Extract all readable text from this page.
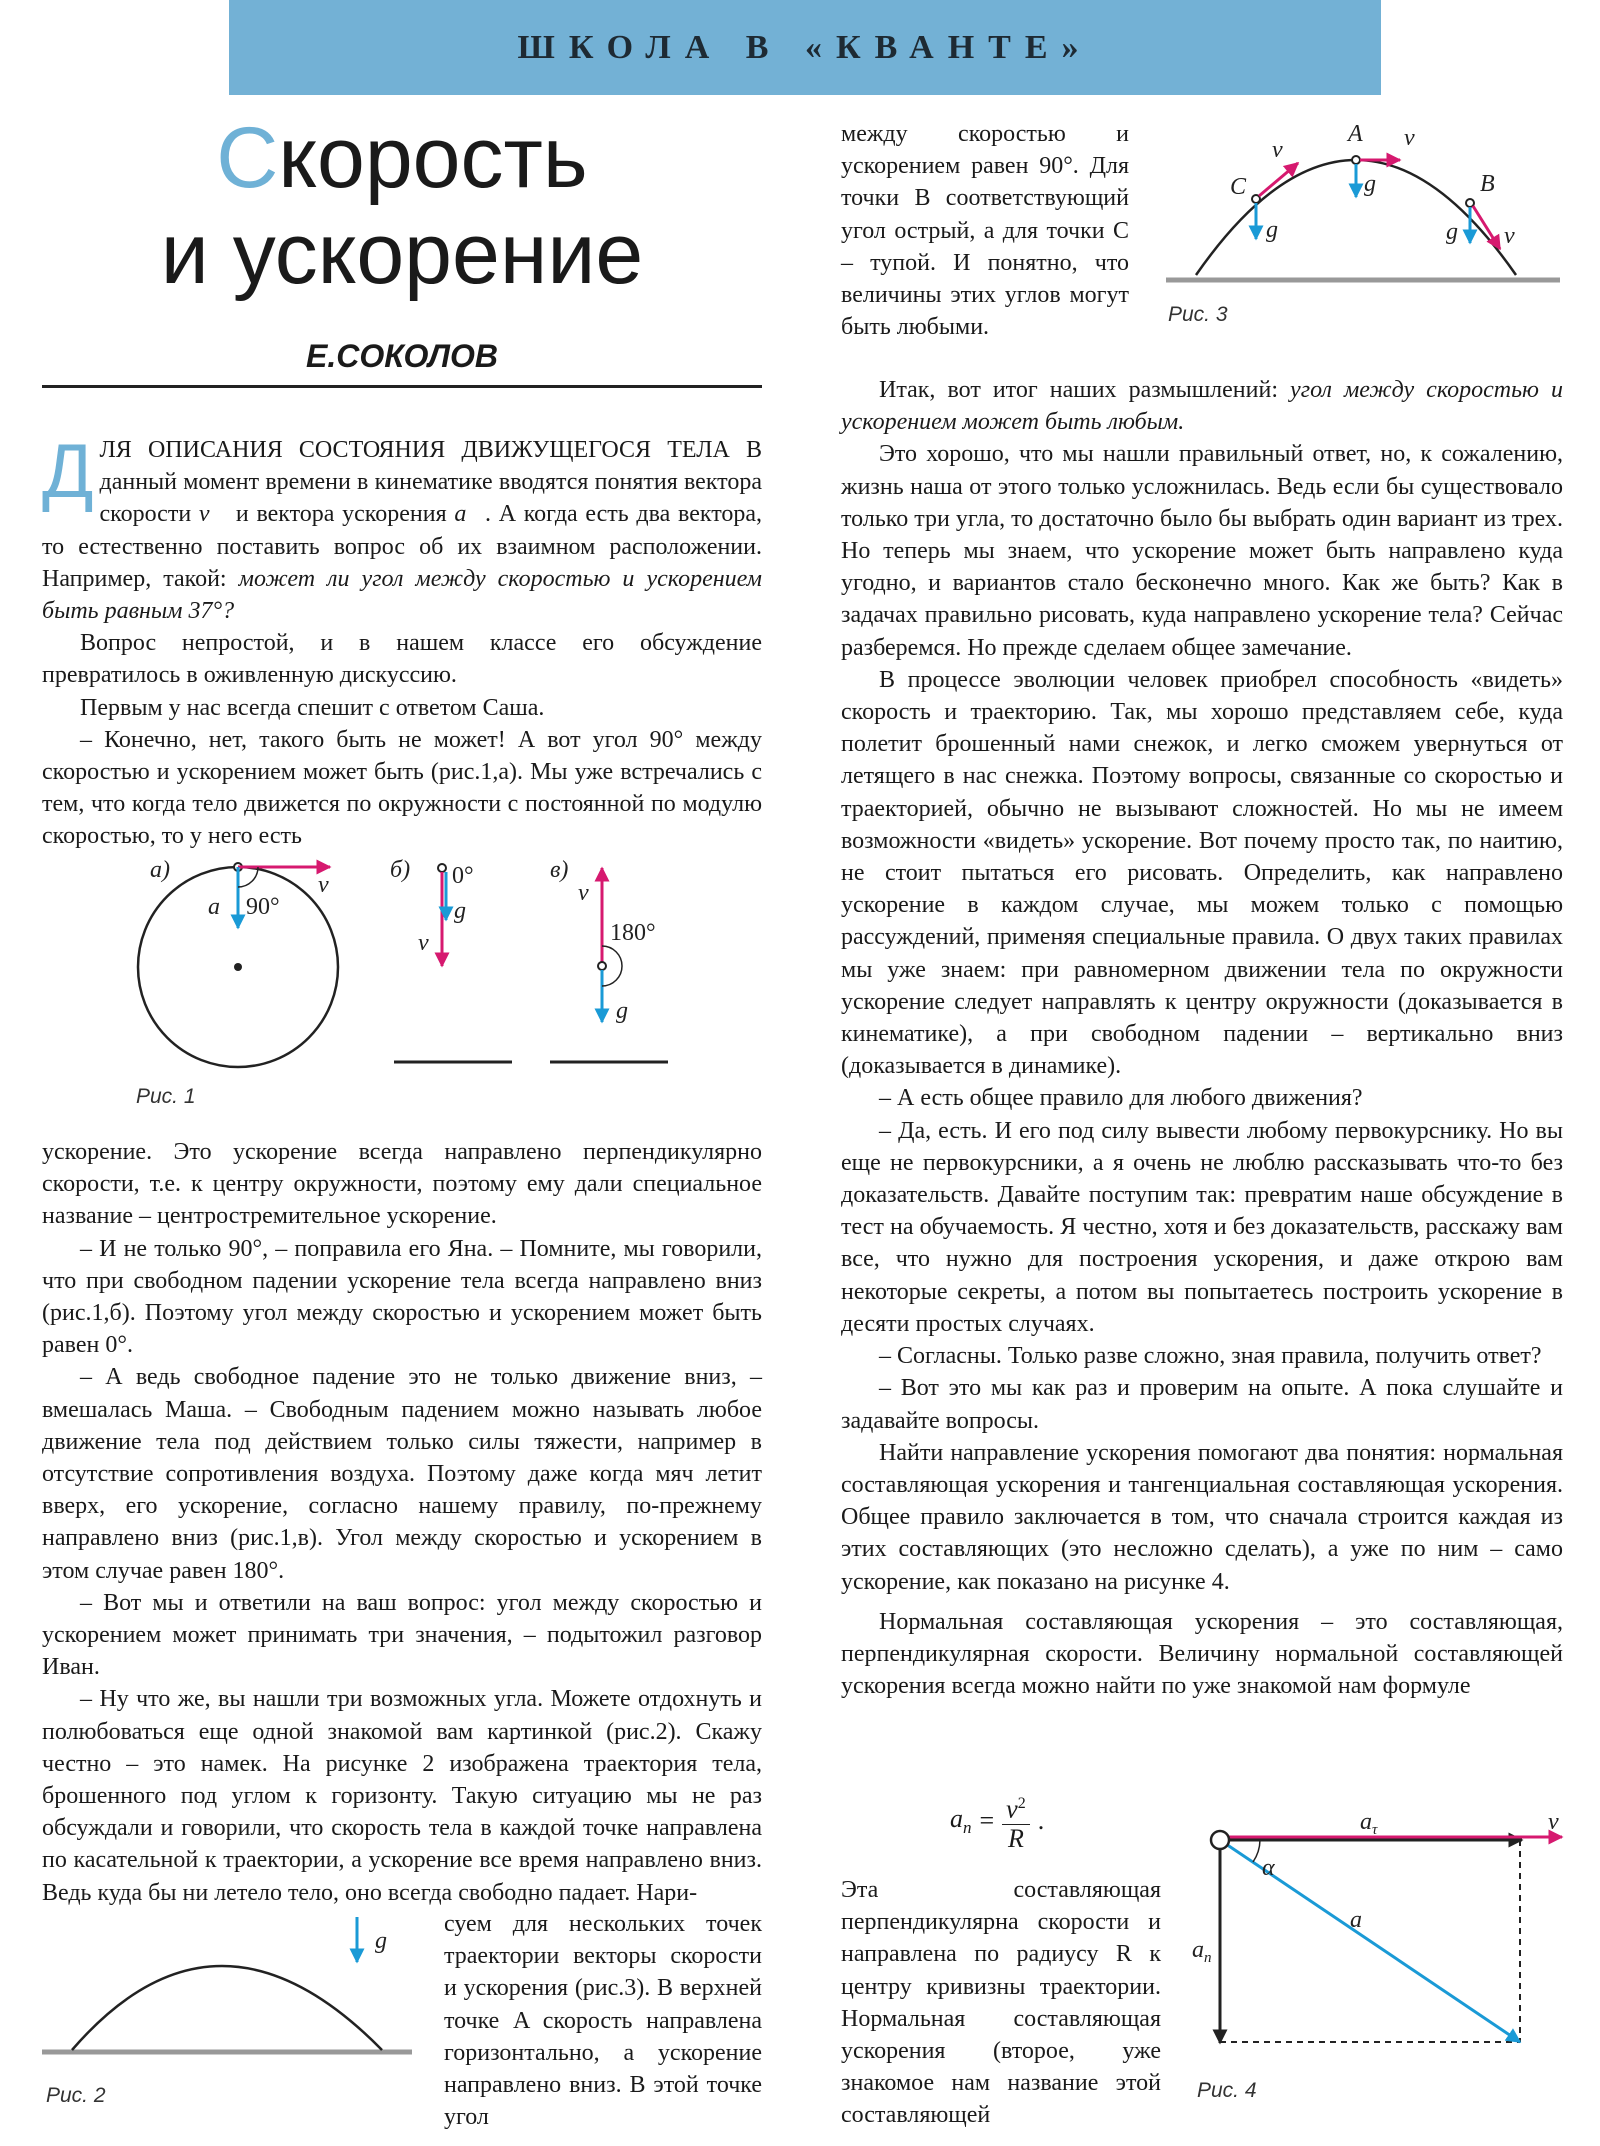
ШКОЛА В «КВАНТЕ»
Скорость
и ускорение
Е.СОКОЛОВ

ДЛЯ ОПИСАНИЯ СОСТОЯНИЯ ДВИЖУЩЕГОСЯ ТЕЛА В данный момент времени в кинематике вводятся понятия вектора скорости v⃗ и вектора ускорения a⃗. А когда есть два вектора, то естественно поставить вопрос об их взаимном расположении. Например, такой: может ли угол между скоростью и ускорением быть равным 37°?

Вопрос непростой, и в нашем классе его обсуждение превратилось в оживленную дискуссию.

Первым у нас всегда спешит с ответом Саша.

– Конечно, нет, такого быть не может! А вот угол 90° между скоростью и ускорением может быть (рис.1,а). Мы уже встречались с тем, что когда тело движется по окружности с постоянной по модулю скоростью, то у него есть

а)
v
a 90°
б) 0°
g
v
в)
v
180°
g
Рис. 1

ускорение. Это ускорение всегда направлено перпендикулярно скорости, т.е. к центру окружности, поэтому ему дали специальное название – центростремительное ускорение.

– И не только 90°, – поправила его Яна. – Помните, мы говорили, что при свободном падении ускорение тела всегда направлено вниз (рис.1,б). Поэтому угол между скоростью и ускорением может быть равен 0°.

– А ведь свободное падение это не только движение вниз, – вмешалась Маша. – Свободным падением можно называть любое движение тела под действием только силы тяжести, например в отсутствие сопротивления воздуха. Поэтому даже когда мяч летит вверх, его ускорение, согласно нашему правилу, по-прежнему направлено вниз (рис.1,в). Угол между скоростью и ускорением в этом случае равен 180°.

– Вот мы и ответили на ваш вопрос: угол между скоростью и ускорением может принимать три значения, – подытожил разговор Иван.

– Ну что же, вы нашли три возможных угла. Можете отдохнуть и полюбоваться еще одной знакомой вам картинкой (рис.2). Скажу честно – это намек. На рисунке 2 изображена траектория тела, брошенного под углом к горизонту. Такую ситуацию мы не раз обсуждали и говорили, что скорость тела в каждой точке направлена по касательной к траектории, а ускорение все время направлено вниз. Ведь куда бы ни летело тело, оно всегда свободно падает. Нари-

g
Рис. 2

суем для нескольких точек траектории векторы скорости и ускорения (рис.3). В верхней точке A скорость направлена горизонтально, а ускорение направлено вниз. В этой точке угол

между скоростью и ускорением равен 90°. Для точки B соответствующий угол острый, а для точки C – тупой. И понятно, что величины этих углов могут быть любыми.

A v
g
C
v
g
B
g v
Рис. 3

Итак, вот итог наших размышлений: угол между скоростью и ускорением может быть любым.

Это хорошо, что мы нашли правильный ответ, но, к сожалению, жизнь наша от этого только усложнилась. Ведь если бы существовало только три угла, то достаточно было бы выбрать один вариант из трех. Но теперь мы знаем, что ускорение может быть направлено куда угодно, и вариантов стало бесконечно много. Как же быть? Как в задачах правильно рисовать, куда направлено ускорение тела? Сейчас разберемся. Но прежде сделаем общее замечание.

В процессе эволюции человек приобрел способность «видеть» скорость и траекторию. Так, мы хорошо представляем себе, куда полетит брошенный нами снежок, и легко сможем увернуться от летящего в нас снежка. Поэтому вопросы, связанные со скоростью и траекторией, обычно не вызывают сложностей. Но мы не имеем возможности «видеть» ускорение. Вот почему просто так, по наитию, не стоит пытаться его рисовать. Определить, как направлено ускорение в каждом случае, мы можем только с помощью рассуждений, применяя специальные правила. О двух таких правилах мы уже знаем: при равномерном движении тела по окружности ускорение следует направлять к центру окружности (доказывается в кинематике), а при свободном падении – вертикально вниз (доказывается в динамике).

– А есть общее правило для любого движения?

– Да, есть. И его под силу вывести любому первокурснику. Но вы еще не первокурсники, а я очень не люблю рассказывать что-то без доказательств. Давайте поступим так: превратим наше обсуждение в тест на обучаемость. Я честно, хотя и без доказательств, расскажу вам все, что нужно для построения ускорения, и даже открою вам некоторые секреты, а потом вы попытаетесь построить ускорение в десяти простых случаях.

– Согласны. Только разве сложно, зная правила, получить ответ?

– Вот это мы как раз и проверим на опыте. А пока слушайте и задавайте вопросы.

Найти направление ускорения помогают два понятия: нормальная составляющая ускорения и тангенциальная составляющая ускорения. Общее правило заключается в том, что сначала строится каждая из этих составляющих (это несложно сделать), а уже по ним – само ускорение, как показано на рисунке 4.

Нормальная составляющая ускорения – это составляющая, перпендикулярная скорости. Величину нормальной составляющей ускорения всегда можно найти по уже знакомой нам формуле

$a_n = \frac{v^2}{R}$ .

Эта составляющая перпендикулярна скорости и направлена по радиусу R к центру кривизны траектории. Нормальная составляющая ускорения (второе, уже знакомое нам название этой составляющей

$a_\tau$	v
α
a
$a_n$
Рис. 4
